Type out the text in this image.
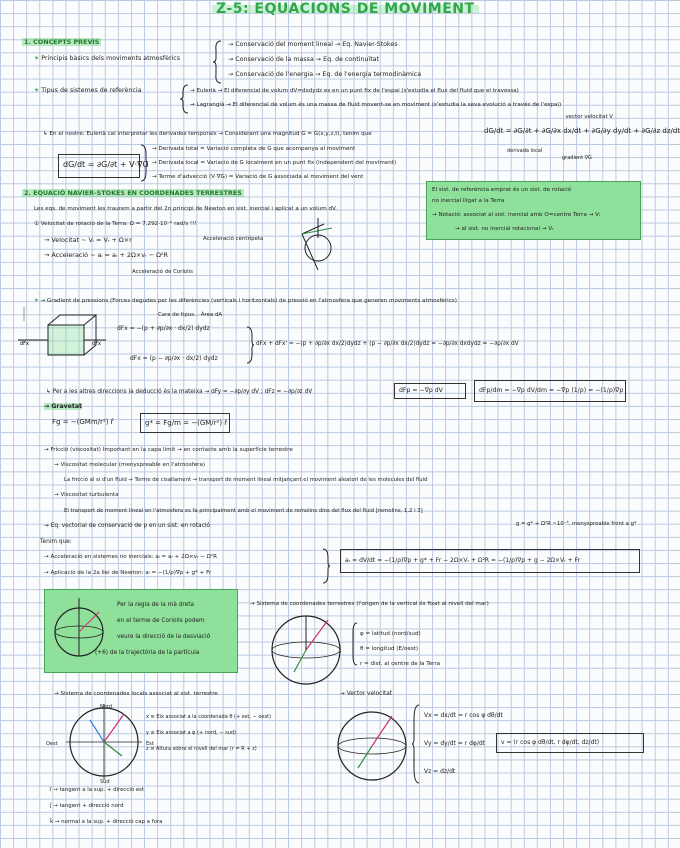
Z-5: EQUACIONS DE MOVIMENT
1. CONCEPTS PREVIS
✶ Principis bàsics dels moviments atmosfèrics
→ Conservació del moment lineal → Eq. Navier-Stokes
→ Conservació de la massa → Eq. de continuïtat
→ Conservació de l'energia → Eq. de l'energia termodinàmica
✶ Tipus de sistemes de referència	→ Eulerià → El diferencial de volum dV=dxdydz es en un punt fix de l'espai (s'estudia el flux del fluid que el travessa)
→ Lagrangià → El diferencial de volum és una massa de fluid movent-se en moviment (s'estudia la seva evolució a través de l'espai)
vector velocitat V
↳ En el nostre: Eulerià cal interpretar les derivades temporals → Considerant una magnitud G = G(x,y,z,t), tenim que	dG/dt = ∂G/∂t + ∂G/∂x dx/dt + ∂G/∂y dy/dt + ∂G/∂z dz/dt
derivada local
gradient ∇G
dG/dt = ∂G/∂t + V·∇G
→ Derivada total = Variació completa de G que acompanya al moviment
→ Derivada local = Variació de G localment en un punt fix (independent del moviment)
→ Terme d'advecció (V·∇G) = Variació de G associada al moviment del vent
2. EQUACIÓ NAVIER-STOKES EN COORDENADES TERRESTRES
Les eqs. de moviment les traurem a partir del 2n principi de Newton en sist. inercial i aplicat a un volum dV.
① Velocitat de rotació de la Terra: Ω = 7,292·10⁻⁵ rad/s !!!
El sist. de referència emprat és un sist. de rotació
no inercial lligat a la Terra
→ Notació: associat al sist. inercial amb O=centre Terra → Vᵢ
→ al sist. no inercial rotacional → Vᵣ
→ Velocitat ~ Vᵢ = Vᵣ + Ω×r
→ Acceleració ~ aᵢ = aᵣ + 2Ω×vᵣ − Ω²R
Acceleració centrípeta
Acceleració de Coriolis
✶ → Gradient de pressions (Forces degudes per les diferències (verticals i horitzontals) de pressió en l'atmosfera que generen moviments atmosfèrics)
dFx	dFx
Cara de tipus... Àrea dA
dFx = −(p + ∂p/∂x · dx/2) dydz
dFx = (p − ∂p/∂x · dx/2) dydz
dFx + dFx' = −(p + ∂p/∂x dx/2)dydz + (p − ∂p/∂x dx/2)dydz = −∂p/∂x dxdydz = −∂p/∂x dV
↳ Per a les altres direccions la deducció és la mateixa → dFy = −∂p/∂y dV ; dFz = −∂p/∂z dV	dFp = −∇p dV	dFp/dm = −∇p dV/dm = −∇p (1/ρ) = −(1/ρ)∇p
→ Gravetat
Fg = −(GMm/r²) r̂	g* = Fg/m = −(GM/r²) r̂
→ Fricció (viscositat) Important en la capa límit → en contacte amb la superfície terrestre
→ Viscositat molecular (menyspreable en l'atmosfera)
La fricció al si d'un fluid → Terme de cisallament → transport de moment lineal mitjançant el moviment aleatori de les molècules del fluid
→ Viscositat turbulenta
El transport de moment lineal en l'atmosfera es fa principalment amb el moviment de remolins dins del flux del fluid [remolins, 1,2 i 3]
→ Eq. vectorial de conservació de p en un sist. en rotació	g = g* + Ω²R ~10⁻³, menyspreable front a g*
Tenim que:
→ Acceleració en sistemes no inercials: aᵢ = aᵣ + 2Ω×vᵣ − Ω²R
→ Aplicació de la 2a llei de Newton: aᵢ = −(1/ρ)∇p + g* + Fr
aᵣ = dV/dt = −(1/ρ)∇p + g* + Fr − 2Ω×Vᵣ + Ω²R = −(1/ρ)∇p + g − 2Ω×Vᵣ + Fr
Per la regla de la mà dreta
en el terme de Coriolis podem
veure la direcció de la desviació
(+6) de la trajectòria de la partícula
→ Sistema de coordenades terrestres (l'origen de la vertical és fixat al nivell del mar)
φ = latitud (nord/sud)
θ = longitud (E/oest)
r = dist. al centre de la Terra
→ Sistema de coordenades locals associat al sist. terrestre
Nord
Oest	Est
Sud
x ≡ Eix associat a la coordenada θ (+ est, − oest)
y ≡ Eix associat a φ (+ nord, − sud)
z ≡ Altura sobre el nivell del mar (r = R + z)
î → tangent a la sup. + direcció est
ĵ → tangent + direcció nord
k̂ → normal a la sup. + direcció cap a fora
→ Vector velocitat
Vx = dx/dt = r cos φ dθ/dt
Vy = dy/dt = r dφ/dt
Vz = dz/dt
v = (r cos φ dθ/dt, r dφ/dt, dz/dt)
